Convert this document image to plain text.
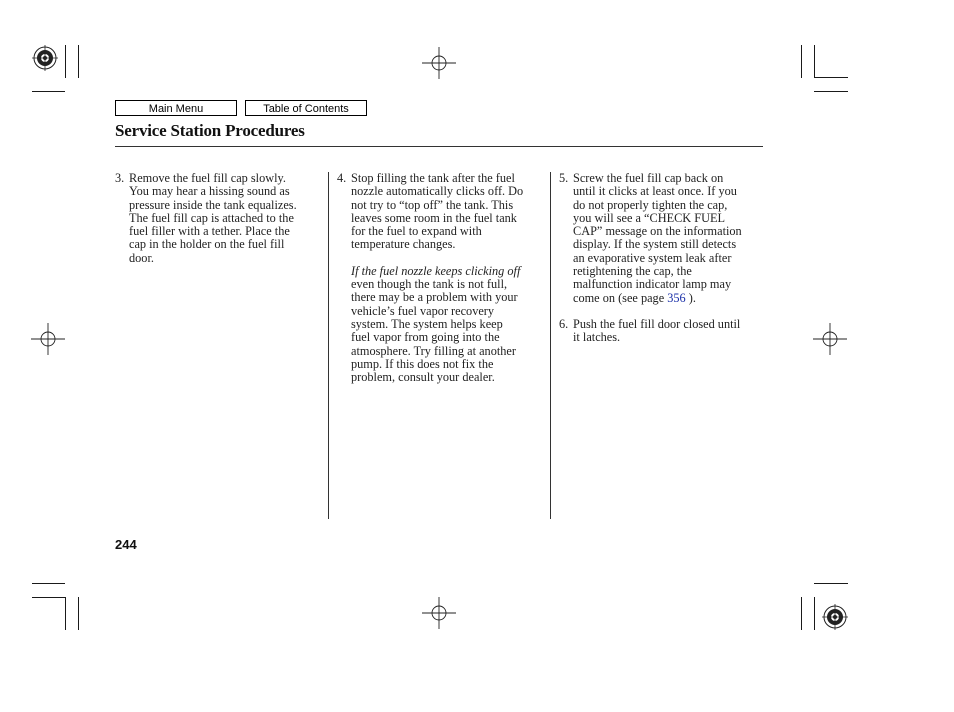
Main Menu	Table of Contents
Service Station Procedures
3. Remove the fuel fill cap slowly.

You may hear a hissing sound as

pressure inside the tank equalizes.

The fuel fill cap is attached to the

fuel filler with a tether. Place the

cap in the holder on the fuel fill

door.

4. Stop filling the tank after the fuel

nozzle automatically clicks off. Do

not try to “top off” the tank. This

leaves some room in the fuel tank

for the fuel to expand with

temperature changes.

If the fuel nozzle keeps clicking off

even though the tank is not full,

there may be a problem with your

vehicle’s fuel vapor recovery

system. The system helps keep

fuel vapor from going into the

atmosphere. Try filling at another

pump. If this does not fix the

problem, consult your dealer.

5. Screw the fuel fill cap back on

until it clicks at least once. If you

do not properly tighten the cap,

you will see a “CHECK FUEL

CAP” message on the information

display. If the system still detects

an evaporative system leak after

retightening the cap, the

malfunction indicator lamp may

come on (see page 356 ).

6. Push the fuel fill door closed until

it latches.

244
